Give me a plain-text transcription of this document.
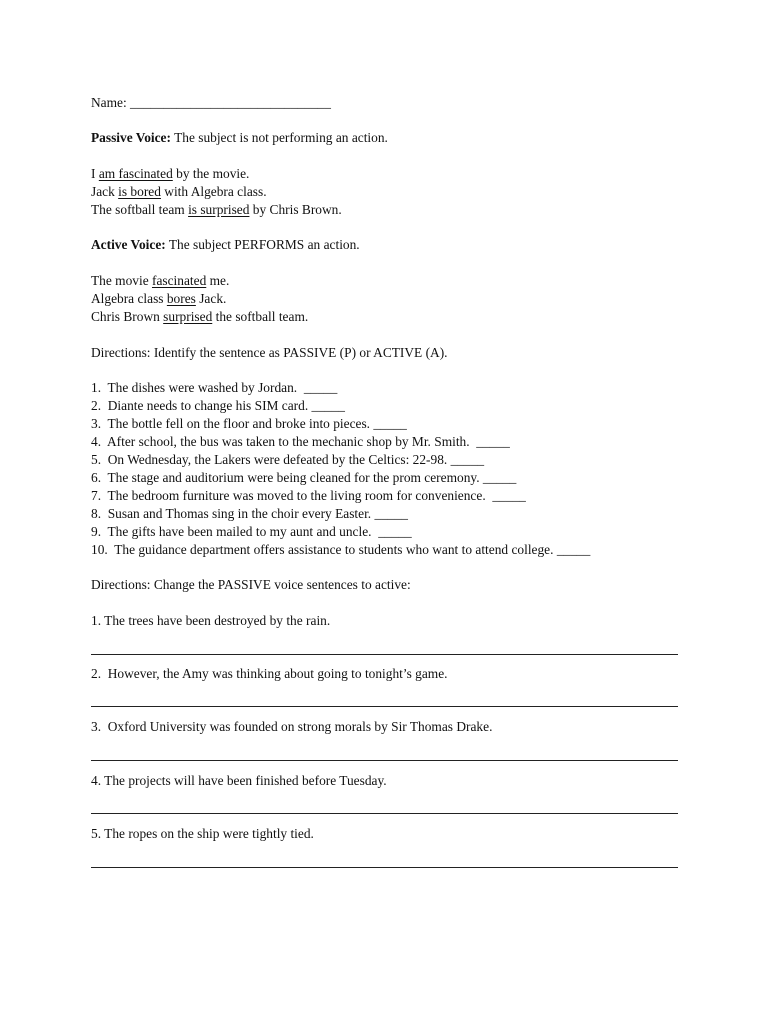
Name: ______________________________
Passive Voice: The subject is not performing an action.
I am fascinated by the movie.
Jack is bored with Algebra class.
The softball team is surprised by Chris Brown.
Active Voice: The subject PERFORMS an action.
The movie fascinated me.
Algebra class bores Jack.
Chris Brown surprised the softball team.
Directions: Identify the sentence as PASSIVE (P) or ACTIVE (A).
1.  The dishes were washed by Jordan.  _____
2.  Diante needs to change his SIM card. _____
3.  The bottle fell on the floor and broke into pieces. _____
4.  After school, the bus was taken to the mechanic shop by Mr. Smith.  _____
5.  On Wednesday, the Lakers were defeated by the Celtics: 22-98. _____
6.  The stage and auditorium were being cleaned for the prom ceremony. _____
7.  The bedroom furniture was moved to the living room for convenience.  _____
8.  Susan and Thomas sing in the choir every Easter. _____
9.  The gifts have been mailed to my aunt and uncle.  _____
10.  The guidance department offers assistance to students who want to attend college. _____
Directions: Change the PASSIVE voice sentences to active:
1. The trees have been destroyed by the rain.
2.  However, the Amy was thinking about going to tonight’s game.
3.  Oxford University was founded on strong morals by Sir Thomas Drake.
4. The projects will have been finished before Tuesday.
5. The ropes on the ship were tightly tied.
